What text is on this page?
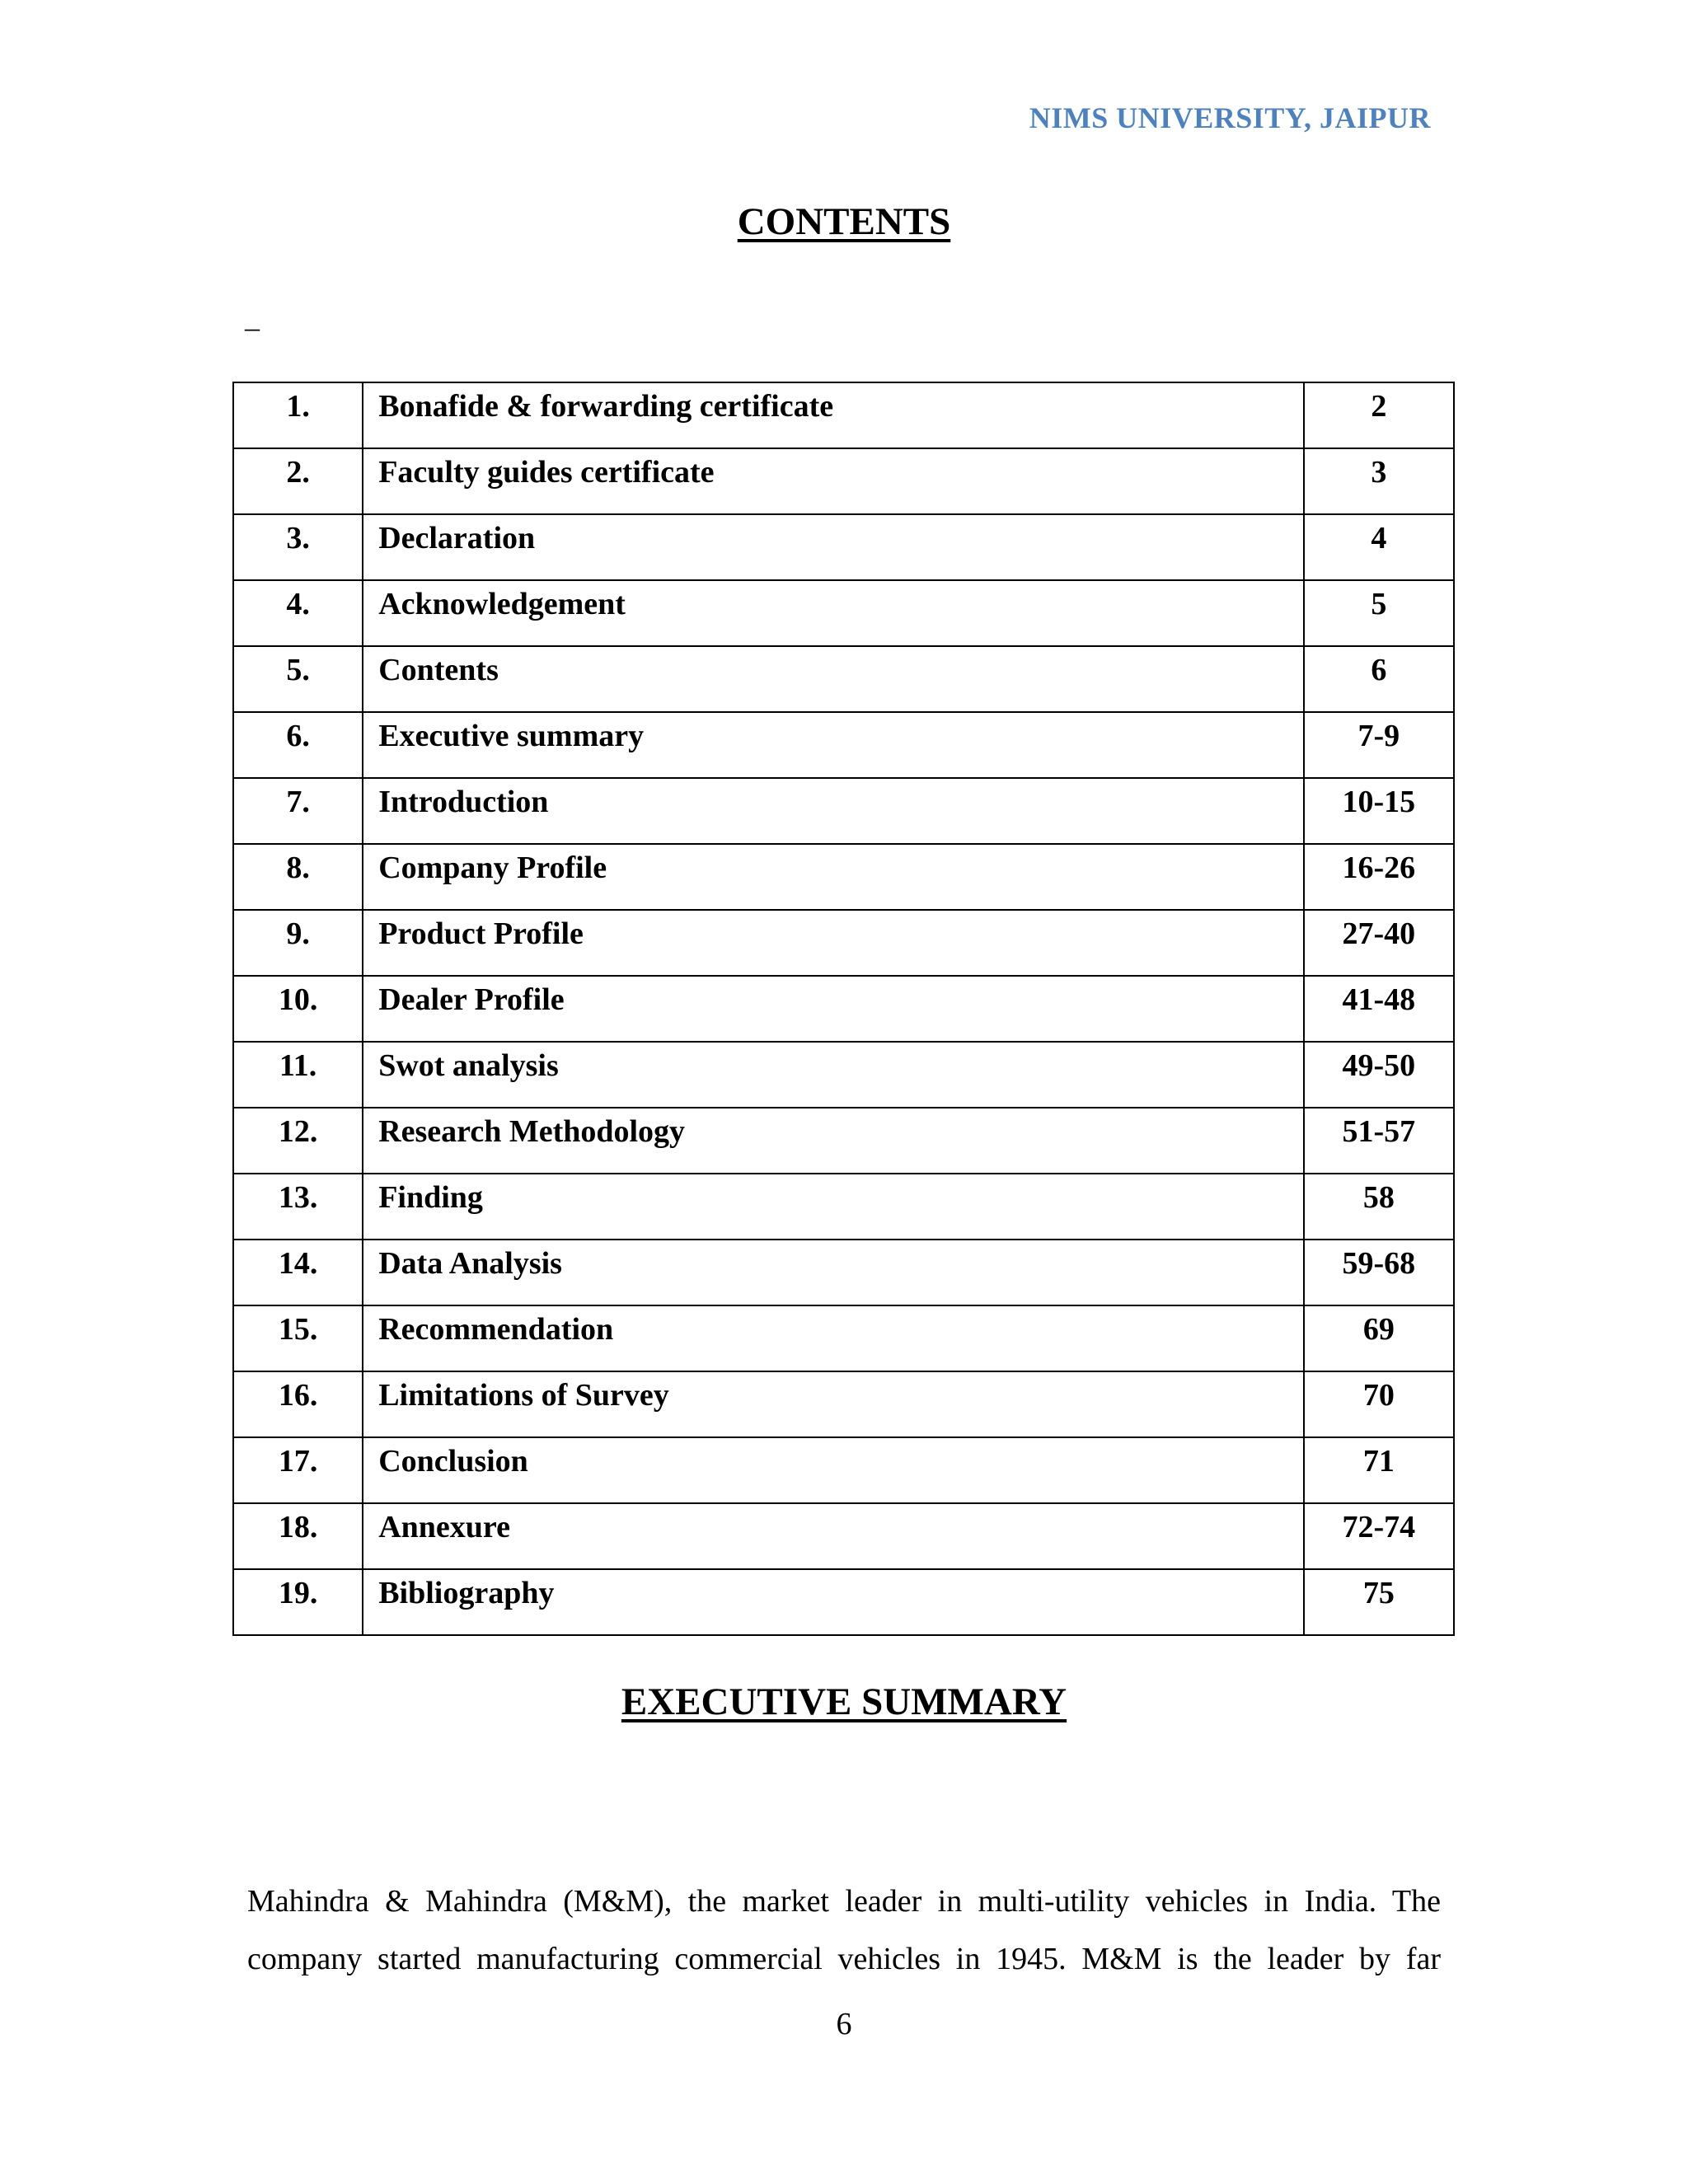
NIMS UNIVERSITY, JAIPUR
CONTENTS
–
1.	Bonafide & forwarding certificate	2

2.	Faculty guides certificate	3

3.	Declaration	4

4.	Acknowledgement	5

5.	Contents	6

6.	Executive summary	7-9

7.	Introduction	10-15

8.	Company Profile	16-26

9.	Product Profile	27-40

10.	Dealer Profile	41-48

11.	Swot analysis	49-50

12.	Research Methodology	51-57

13.	Finding	58

14.	Data Analysis	59-68

15.	Recommendation	69

16.	Limitations of Survey	70

17.	Conclusion	71

18.	Annexure	72-74

19.	Bibliography	75
EXECUTIVE SUMMARY
Mahindra & Mahindra (M&M), the market leader in multi-utility vehicles in India. The
company started manufacturing commercial vehicles in 1945. M&M is the leader by far
6
